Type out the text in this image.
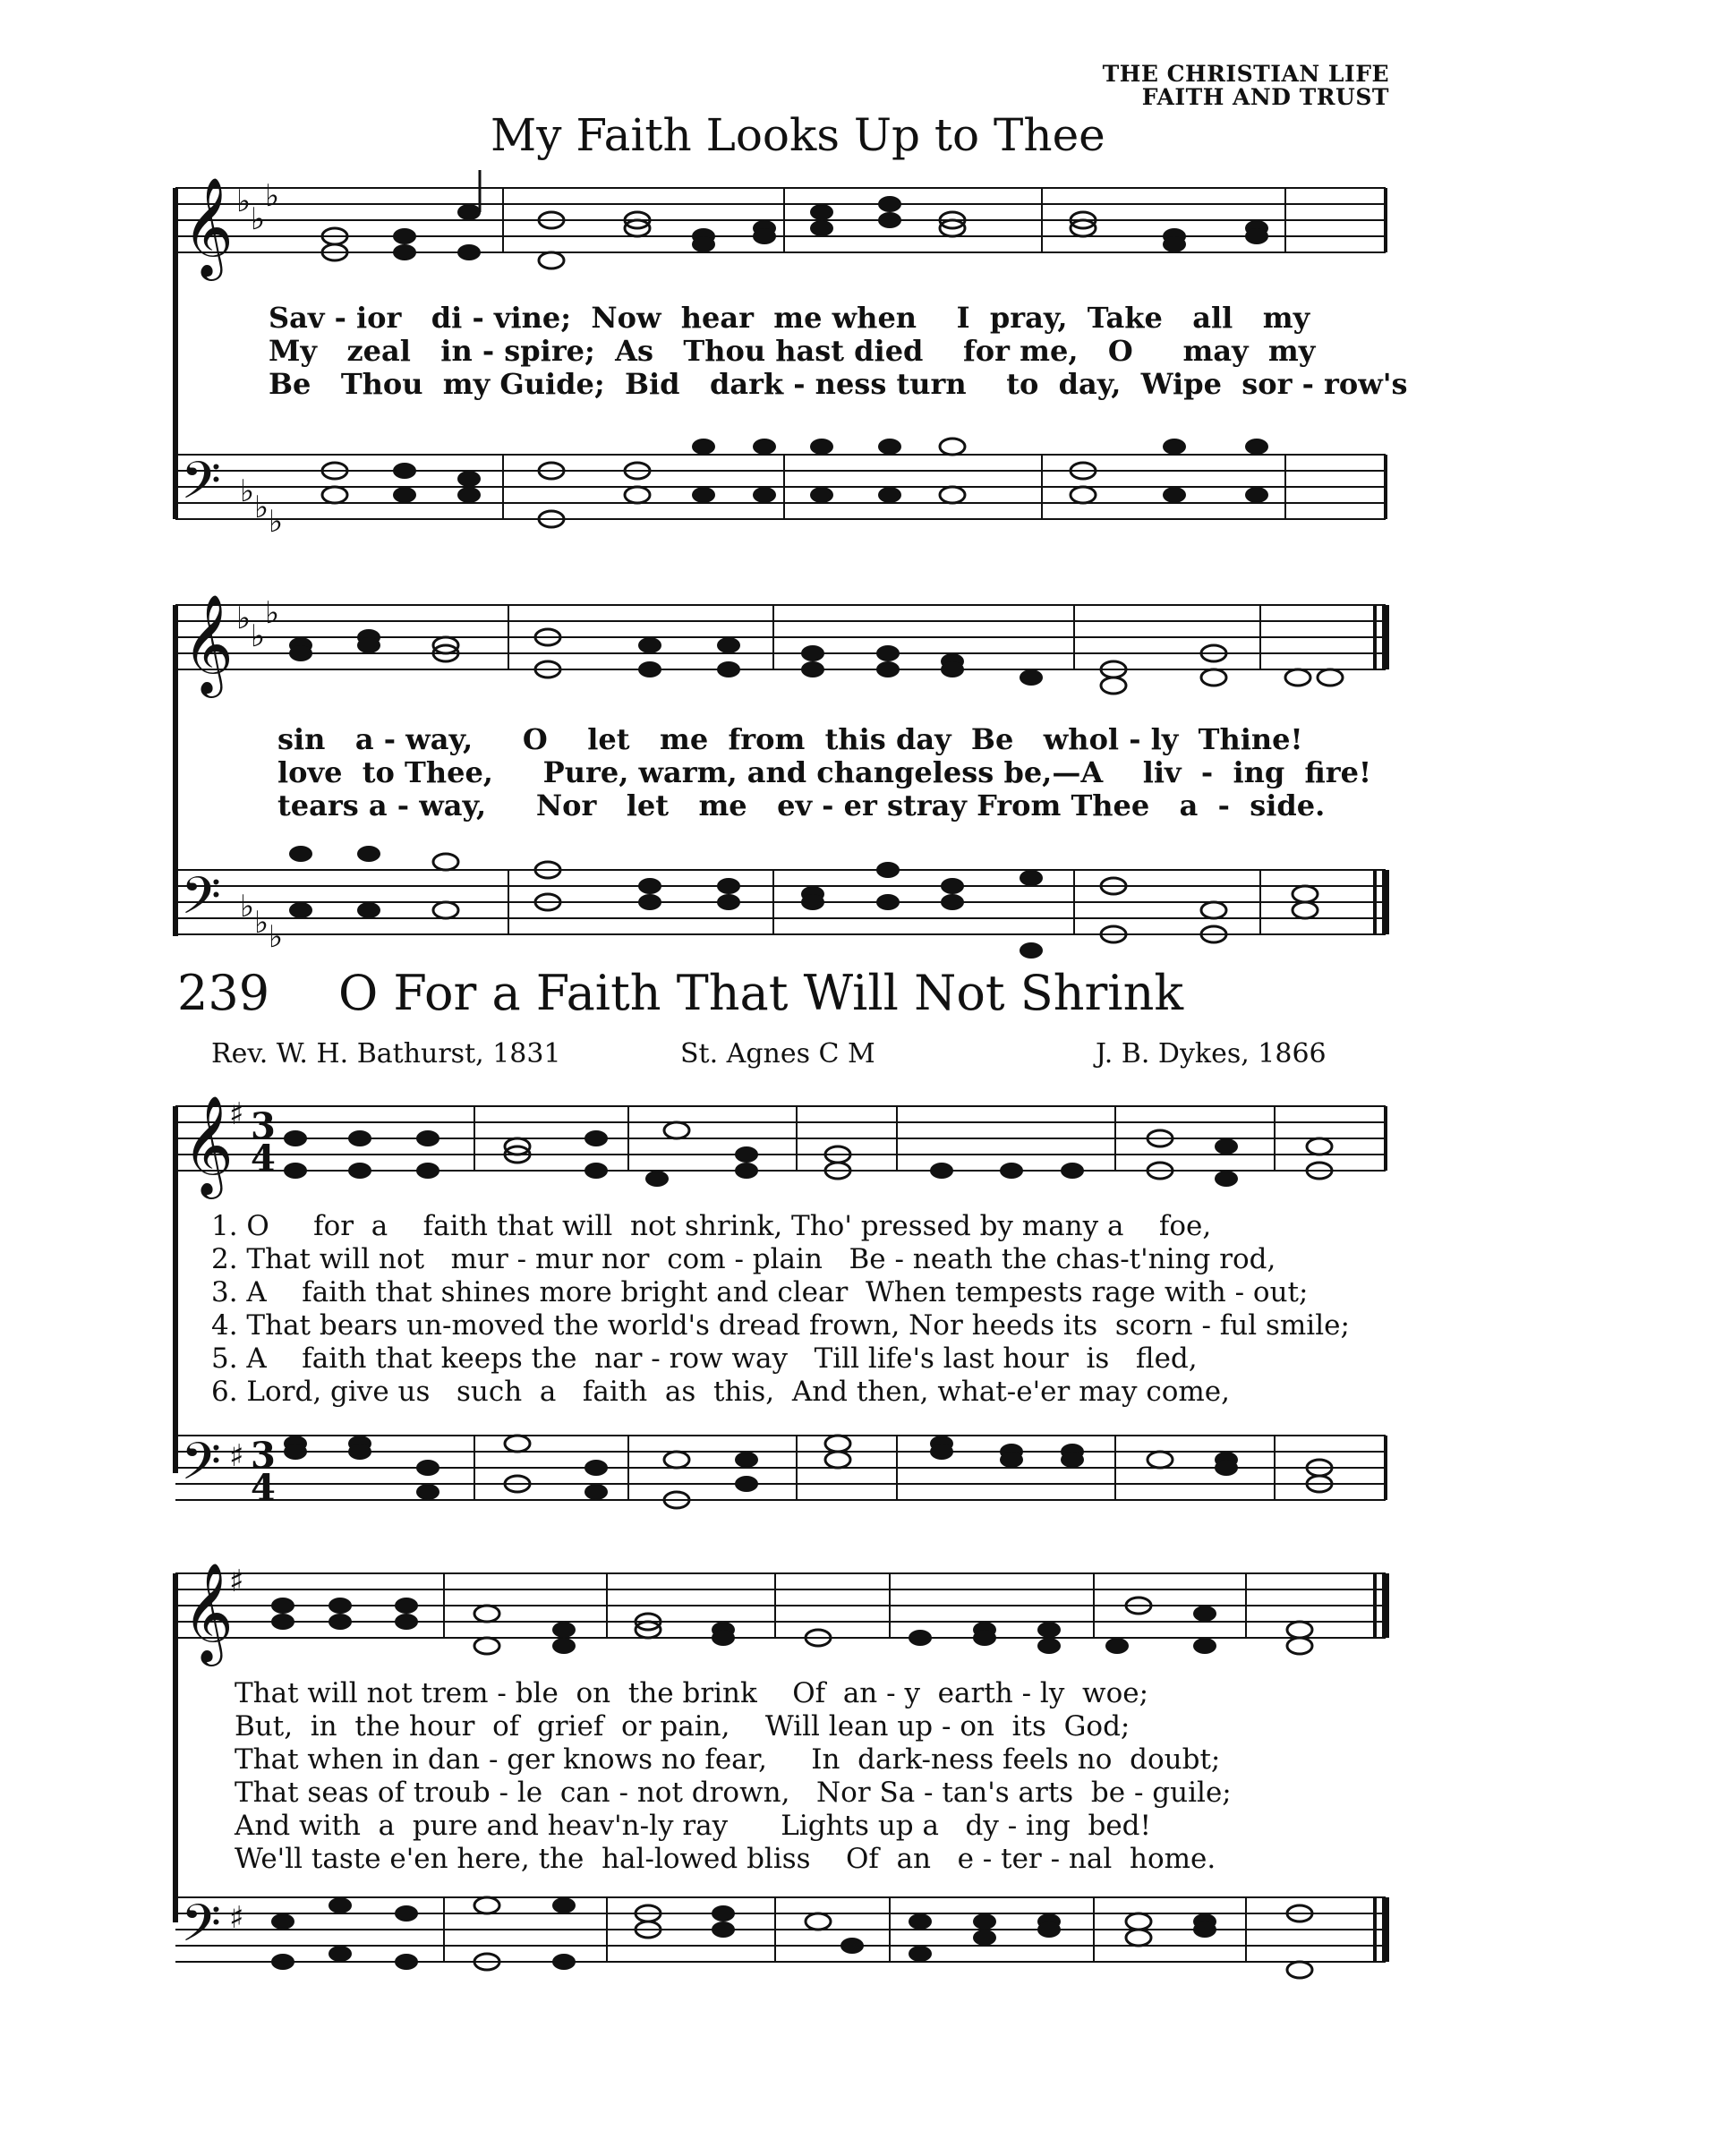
THE CHRISTIAN LIFE
FAITH AND TRUST
My Faith Looks Up to Thee
𝄞 ♭ ♭
♭
Sav - ior   di - vine;  Now  hear  me when    I  pray,  Take   all   my
My   zeal   in - spire;  As   Thou hast died    for me,   O     may  my
Be   Thou  my Guide;  Bid   dark - ness turn    to  day,  Wipe  sor - row's
𝄢 ♭ ♭ ♭
𝄞 ♭ ♭
♭
sin   a - way,     O    let   me  from  this day  Be   whol - ly  Thine!
love  to Thee,     Pure, warm, and changeless be,—A    liv  -  ing  fire!
tears a - way,     Nor   let   me   ev - er stray From Thee   a  -  side.
𝄢 ♭ ♭ ♭
239 O For a Faith That Will Not Shrink
Rev. W. H. Bathurst, 1831	St. Agnes C M	J. B. Dykes, 1866
𝄞
♯ 3
4
1. O     for  a    faith that will  not shrink, Tho' pressed by many a    foe,
2. That will not   mur - mur nor  com - plain   Be - neath the chas-t'ning rod,
3. A    faith that shines more bright and clear  When tempests rage with - out;
4. That bears un-moved the world's dread frown, Nor heeds its  scorn - ful smile;
5. A    faith that keeps the  nar - row way   Till life's last hour  is   fled,
6. Lord, give us   such  a   faith  as  this,  And then, what-e'er may come,
𝄢 ♯ 3
4
𝄞
♯
That will not trem - ble  on  the brink    Of  an - y  earth - ly  woe;
But,  in  the hour  of  grief  or pain,    Will lean up - on  its  God;
That when in dan - ger knows no fear,     In  dark-ness feels no  doubt;
That seas of troub - le  can - not drown,   Nor Sa - tan's arts  be - guile;
And with  a  pure and heav'n-ly ray      Lights up a   dy - ing  bed!
We'll taste e'en here, the  hal-lowed bliss    Of  an   e - ter - nal  home.
𝄢 ♯
